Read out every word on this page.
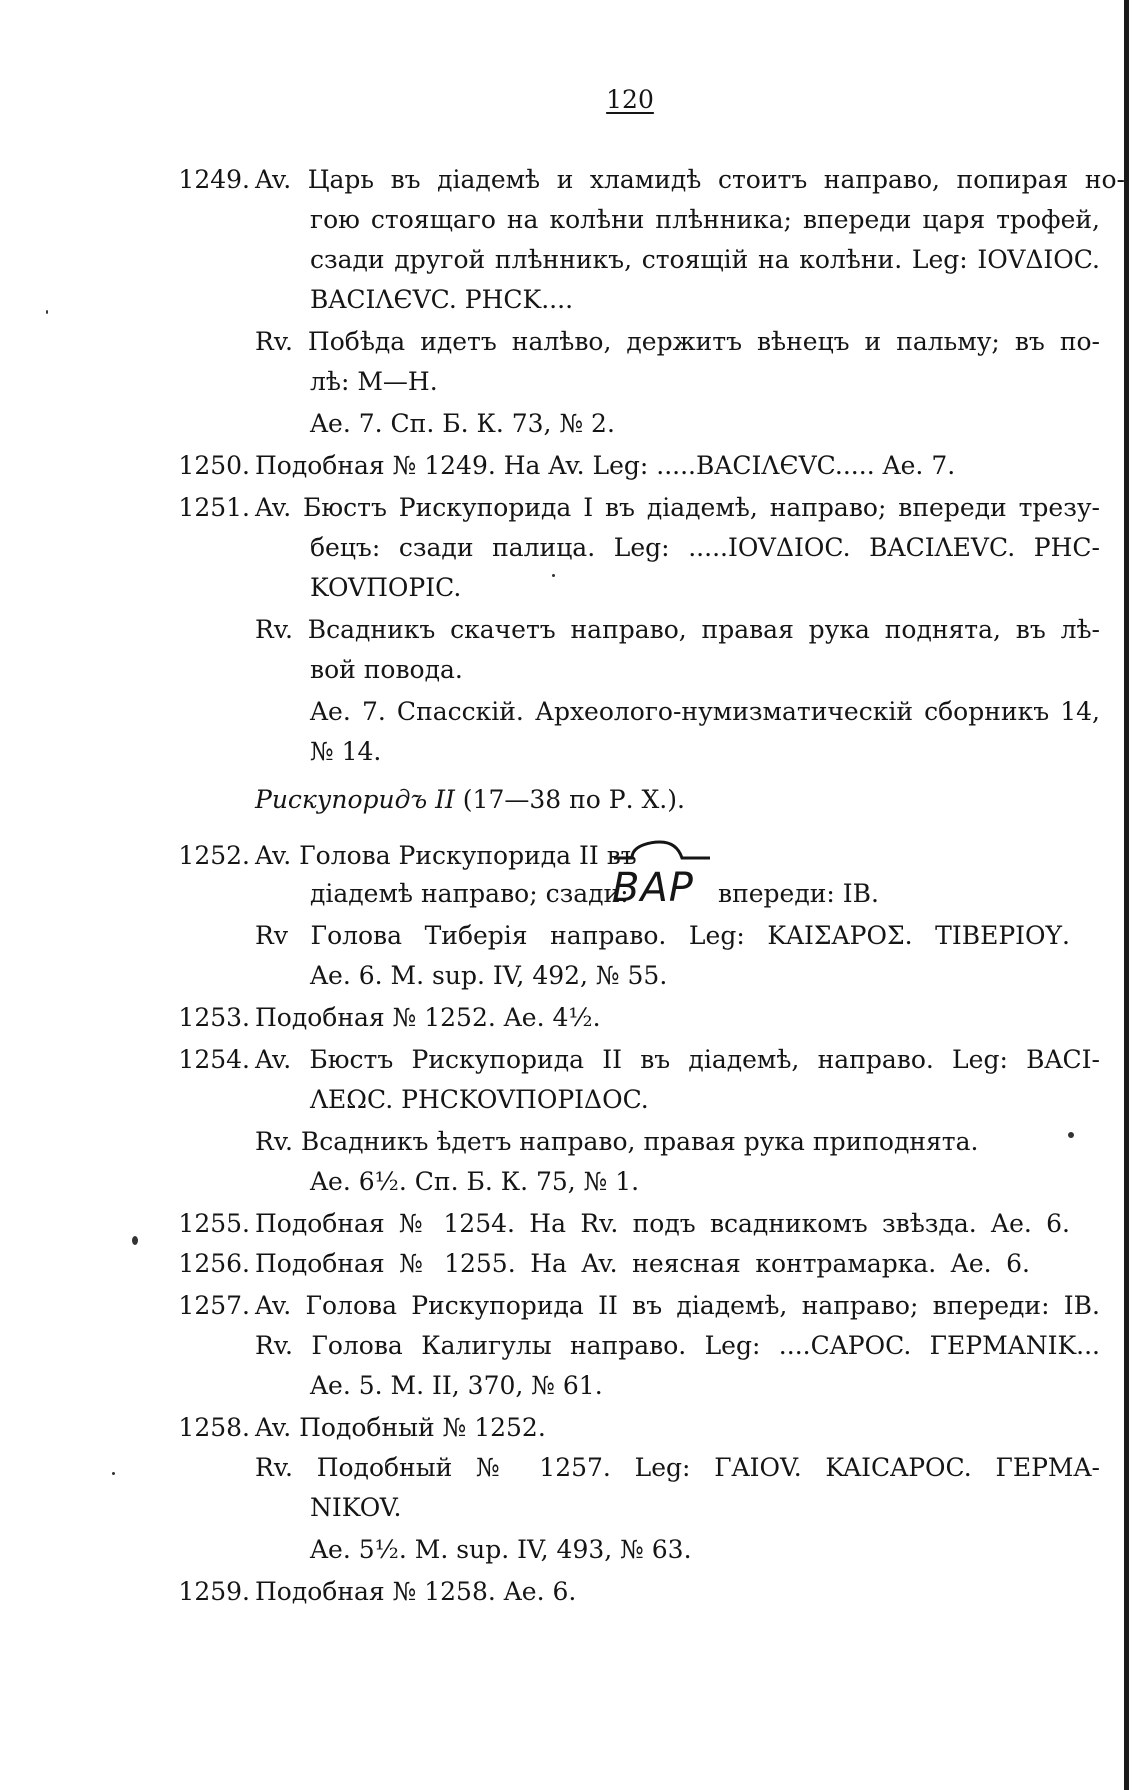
120
1249. Av. Царь въ діадемѣ и хламидѣ стоитъ направо, попирая но-
гою стоящаго на колѣни плѣнника; впереди царя трофей,
сзади другой плѣнникъ, стоящій на колѣни. Leg: IOVΔIOC.
BACIΛЄVC. PHCK....
Rv. Побѣда идетъ налѣво, держитъ вѣнецъ и пальму; въ по-
лѣ: M—H.
Ae. 7. Сп. Б. К. 73, № 2.
1250. Подобная № 1249. На Av. Leg: .....BACIΛЄVC..... Ae. 7.
1251. Av. Бюстъ Рискупорида I въ діадемѣ, направо; впереди трезу-
бецъ: сзади палица. Leg: .....IOVΔIOC. BACIΛEVC. PHC-
KOVΠOPIC.
Rv. Всадникъ скачетъ направо, правая рука поднята, въ лѣ-
вой повода.
Ae. 7. Спасскій. Археолого-нумизматическій сборникъ 14,
№ 14.
Рискупоридъ II (17—38 по Р. Х.).
1252. Av. Голова Рискупорида II въ
діадемѣ направо; сзади:
ΒΑΡ впереди: IB.
Rv Голова Тиберія направо. Leg: ΚΑΙΣΑΡΟΣ. ΤΙΒΕΡΙΟΥ.
Ae. 6. M. sup. IV, 492, № 55.
1253. Подобная № 1252. Ae. 4½.
1254. Av. Бюстъ Рискупорида II въ діадемѣ, направо. Leg: BACI-
ΛΕΩC. PHCKOVΠOPIΔOC.
Rv. Всадникъ ѣдетъ направо, правая рука приподнята.
Ae. 6½. Сп. Б. К. 75, № 1.
1255. Подобная № 1254. На Rv. подъ всадникомъ звѣзда. Ae. 6.
1256. Подобная № 1255. На Av. неясная контрамарка. Ae. 6.
1257. Av. Голова Рискупорида II въ діадемѣ, направо; впереди: IB.
Rv. Голова Калигулы направо. Leg: ....CAPOC. ΓΕΡΜΑΝΙΚ...
Ae. 5. M. II, 370, № 61.
1258. Av. Подобный № 1252.
Rv. Подобный № 1257. Leg: ΓΑΙΟV. KAICAPOC. ΓΕΡΜΑ-
NIKOV.
Ae. 5½. M. sup. IV, 493, № 63.
1259. Подобная № 1258. Ae. 6.
